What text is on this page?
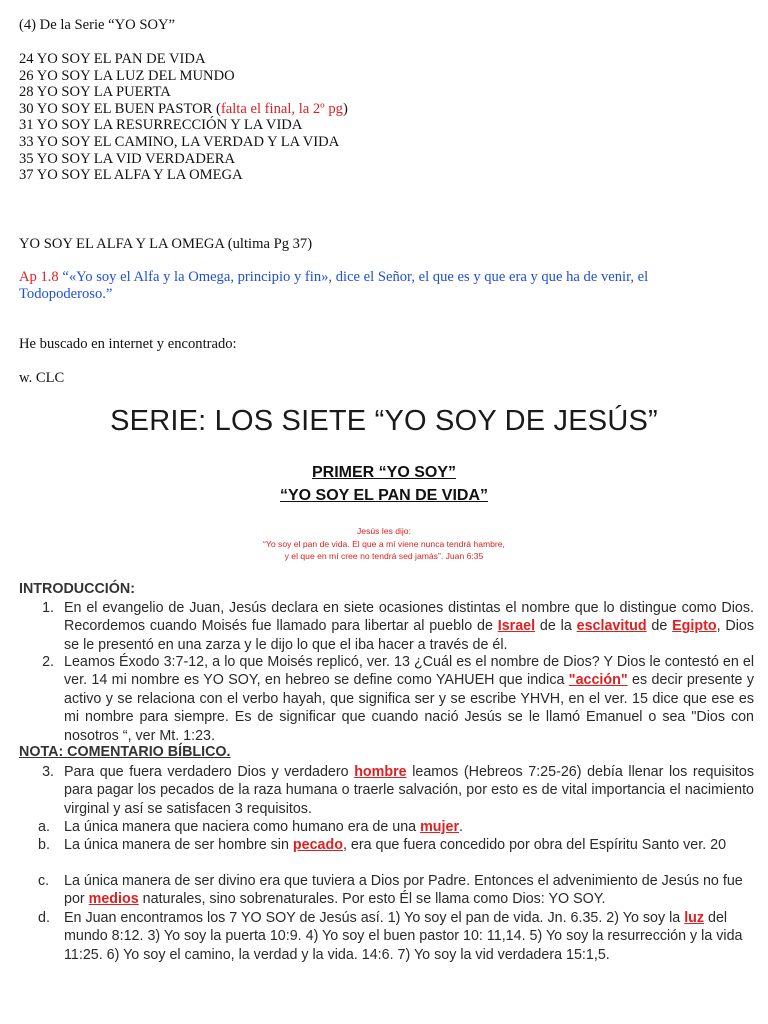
(4) De la Serie “YO SOY”
24 YO SOY EL PAN DE VIDA
26 YO SOY LA LUZ DEL MUNDO
28 YO SOY LA PUERTA
30 YO SOY EL BUEN PASTOR (falta el final, la 2º pg)
31 YO SOY LA RESURRECCIÓN Y LA VIDA
33 YO SOY EL CAMINO, LA VERDAD Y LA VIDA
35 YO SOY LA VID VERDADERA
37 YO SOY EL ALFA Y LA OMEGA
YO SOY EL ALFA Y LA OMEGA (ultima Pg 37)
Ap 1.8 “«Yo soy el Alfa y la Omega, principio y fin», dice el Señor, el que es y que era y que ha de venir, el
Todopoderoso.”
He buscado en internet y encontrado:
w. CLC
SERIE: LOS SIETE “YO SOY DE JESÚS”
PRIMER “YO SOY”
“YO SOY EL PAN DE VIDA”
Jesús les dijo:
“Yo soy el pan de vida. El que a mí viene nunca tendrá hambre,
y el que en mí cree no tendrá sed jamás”. Juan 6:35
INTRODUCCIÓN:
1. En el evangelio de Juan, Jesús declara en siete ocasiones distintas el nombre que lo distingue como Dios. Recordemos cuando Moisés fue llamado para libertar al pueblo de Israel de la esclavitud de Egipto, Dios se le presentó en una zarza y le dijo lo que el iba hacer a través de él.
2. Leamos Éxodo 3:7-12, a lo que Moisés replicó, ver. 13 ¿Cuál es el nombre de Dios? Y Dios le contestó en el ver. 14 mi nombre es YO SOY, en hebreo se define como YAHUEH que indica "acción" es decir presente y activo y se relaciona con el verbo hayah, que significa ser y se escribe YHVH, en el ver. 15 dice que ese es mi nombre para siempre. Es de significar que cuando nació Jesús se le llamó Emanuel o sea "Dios con nosotros “, ver Mt. 1:23.
NOTA: COMENTARIO BÍBLICO.
3. Para que fuera verdadero Dios y verdadero hombre leamos (Hebreos 7:25-26) debía llenar los requisitos para pagar los pecados de la raza humana o traerle salvación, por esto es de vital importancia el nacimiento virginal y así se satisfacen 3 requisitos.
a. La única manera que naciera como humano era de una mujer.
b. La única manera de ser hombre sin pecado, era que fuera concedido por obra del Espíritu Santo ver. 20
c.	La única manera de ser divino era que tuviera a Dios por Padre. Entonces el advenimiento de Jesús no fue por medios naturales, sino sobrenaturales. Por esto Él se llama como Dios: YO SOY.
d. En Juan encontramos los 7 YO SOY de Jesús así. 1) Yo soy el pan de vida. Jn. 6.35. 2) Yo soy la luz del mundo 8:12. 3) Yo soy la puerta 10:9. 4) Yo soy el buen pastor 10: 11,14. 5) Yo soy la resurrección y la vida 11:25. 6) Yo soy el camino, la verdad y la vida. 14:6. 7) Yo soy la vid verdadera 15:1,5.
